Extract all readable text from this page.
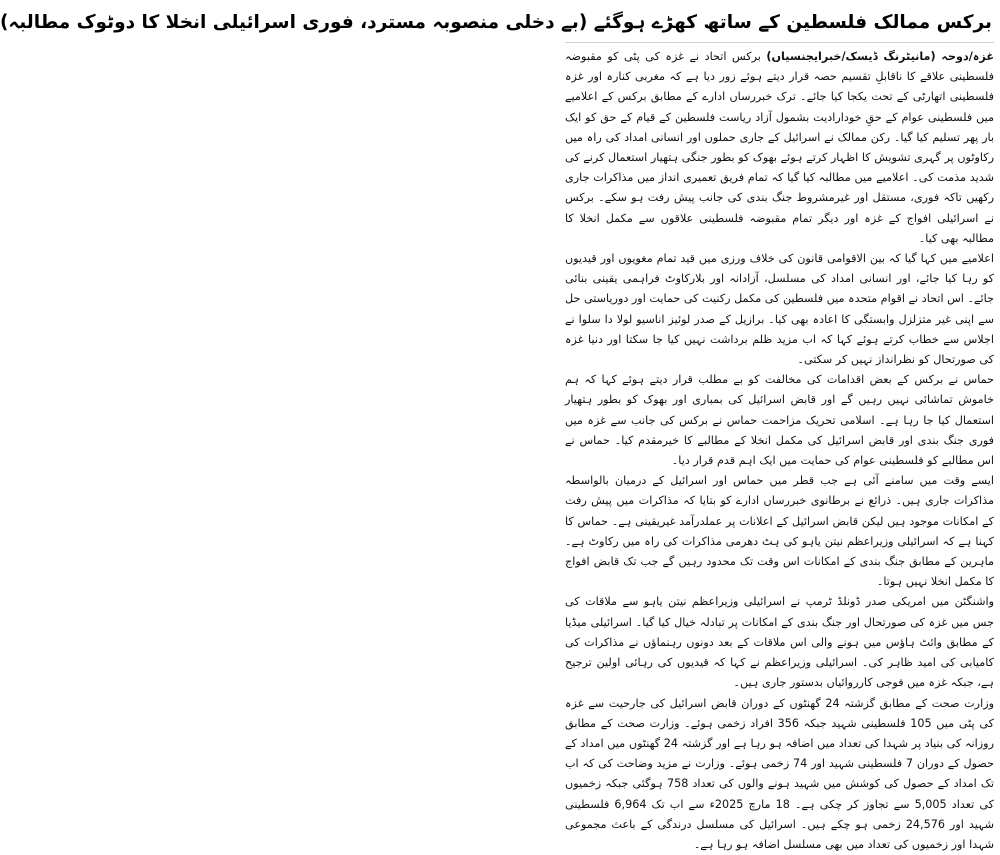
برکس ممالک فلسطین کے ساتھ کھڑے ہوگئے (بے دخلی منصوبہ مسترد، فوری اسرائیلی انخلا کا دوٹوک مطالبہ)

غزہ/دوحہ (مانیٹرنگ ڈیسک/خبرایجنسیاں) برکس اتحاد نے غزہ کی پٹی کو مقبوضہ فلسطینی علاقے کا ناقابلِ تقسیم حصہ قرار دیتے ہوئے زور دیا ہے کہ مغربی کنارہ اور غزہ فلسطینی اتھارٹی کے تحت یکجا کیا جائے۔ ترک خبررساں ادارے کے مطابق برکس کے اعلامیے میں فلسطینی عوام کے حقِ خودارادیت بشمول آزاد ریاست فلسطین کے قیام کے حق کو ایک بار پھر تسلیم کیا گیا۔ رکن ممالک نے اسرائیل کے جاری حملوں اور انسانی امداد کی راہ میں رکاوٹوں پر گہری تشویش کا اظہار کرتے ہوئے بھوک کو بطور جنگی ہتھیار استعمال کرنے کی شدید مذمت کی۔ اعلامیے میں مطالبہ کیا گیا کہ تمام فریق تعمیری انداز میں مذاکرات جاری رکھیں تاکہ فوری، مستقل اور غیرمشروط جنگ بندی کی جانب پیش رفت ہو سکے۔ برکس نے اسرائیلی افواج کے غزہ اور دیگر تمام مقبوضہ فلسطینی علاقوں سے مکمل انخلا کا مطالبہ بھی کیا۔

اعلامیے میں کہا گیا کہ بین الاقوامی قانون کی خلاف ورزی میں قید تمام مغویوں اور قیدیوں کو رہا کیا جائے، اور انسانی امداد کی مسلسل، آزادانہ اور بلارکاوٹ فراہمی یقینی بنائی جائے۔ اس اتحاد نے اقوام متحدہ میں فلسطین کی مکمل رکنیت کی حمایت اور دوریاستی حل سے اپنی غیر متزلزل وابستگی کا اعادہ بھی کیا۔ برازیل کے صدر لوئیز اناسیو لولا دا سلوا نے اجلاس سے خطاب کرتے ہوئے کہا کہ اب مزید ظلم برداشت نہیں کیا جا سکتا اور دنیا غزہ کی صورتحال کو نظرانداز نہیں کر سکتی۔

حماس نے برکس کے بعض اقدامات کی مخالفت کو بے مطلب قرار دیتے ہوئے کہا کہ ہم خاموش تماشائی نہیں رہیں گے اور قابض اسرائیل کی بمباری اور بھوک کو بطور ہتھیار استعمال کیا جا رہا ہے۔ اسلامی تحریک مزاحمت حماس نے برکس کی جانب سے غزہ میں فوری جنگ بندی اور قابض اسرائیل کی مکمل انخلا کے مطالبے کا خیرمقدم کیا۔ حماس نے اس مطالبے کو فلسطینی عوام کی حمایت میں ایک اہم قدم قرار دیا۔

ایسے وقت میں سامنے آئی ہے جب قطر میں حماس اور اسرائیل کے درمیان بالواسطہ مذاکرات جاری ہیں۔ ذرائع نے برطانوی خبررساں ادارے کو بتایا کہ مذاکرات میں پیش رفت کے امکانات موجود ہیں لیکن قابض اسرائیل کے اعلانات پر عملدرآمد غیریقینی ہے۔ حماس کا کہنا ہے کہ اسرائیلی وزیراعظم نیتن یاہو کی ہٹ دھرمی مذاکرات کی راہ میں رکاوٹ ہے۔ ماہرین کے مطابق جنگ بندی کے امکانات اس وقت تک محدود رہیں گے جب تک قابض افواج کا مکمل انخلا نہیں ہوتا۔

واشنگٹن میں امریکی صدر ڈونلڈ ٹرمپ نے اسرائیلی وزیراعظم نیتن یاہو سے ملاقات کی جس میں غزہ کی صورتحال اور جنگ بندی کے امکانات پر تبادلہ خیال کیا گیا۔ اسرائیلی میڈیا کے مطابق وائٹ ہاؤس میں ہونے والی اس ملاقات کے بعد دونوں رہنماؤں نے مذاکرات کی کامیابی کی امید ظاہر کی۔ اسرائیلی وزیراعظم نے کہا کہ قیدیوں کی رہائی اولین ترجیح ہے، جبکہ غزہ میں فوجی کارروائیاں بدستور جاری ہیں۔

وزارت صحت کے مطابق گزشتہ 24 گھنٹوں کے دوران قابض اسرائیل کی جارحیت سے غزہ کی پٹی میں 105 فلسطینی شہید جبکہ 356 افراد زخمی ہوئے۔ وزارت صحت کے مطابق روزانہ کی بنیاد پر شہدا کی تعداد میں اضافہ ہو رہا ہے اور گزشتہ 24 گھنٹوں میں امداد کے حصول کے دوران 7 فلسطینی شہید اور 74 زخمی ہوئے۔ وزارت نے مزید وضاحت کی کہ اب تک امداد کے حصول کی کوشش میں شہید ہونے والوں کی تعداد 758 ہوگئی جبکہ زخمیوں کی تعداد 5,005 سے تجاوز کر چکی ہے۔ 18 مارچ 2025ء سے اب تک 6,964 فلسطینی شہید اور 24,576 زخمی ہو چکے ہیں۔ اسرائیل کی مسلسل درندگی کے باعث مجموعی شہدا اور زخمیوں کی تعداد میں بھی مسلسل اضافہ ہو رہا ہے۔
